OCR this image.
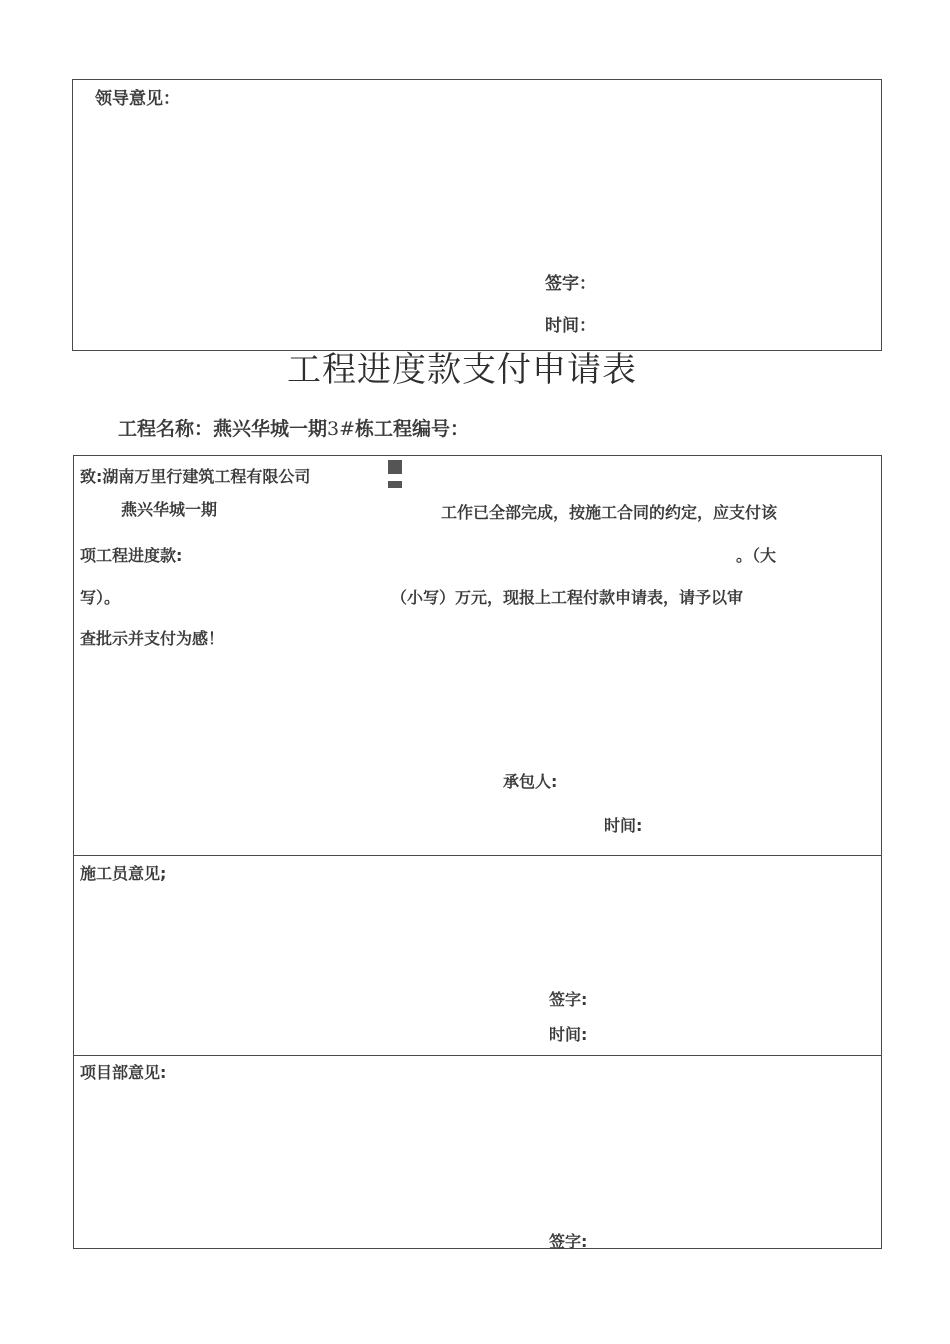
领导意见：
签字：
时间：
工程进度款支付申请表
工程名称：燕兴华城一期3#栋工程编号：
致:湖南万里行建筑工程有限公司
燕兴华城一期	工作已全部完成，按施工合同的约定，应支付该
项工程进度款:	。（大
写）。	（小写）万元，现报上工程付款申请表，请予以审
查批示并支付为感！
承包人:
时间:
施工员意见;
签字:
时间:
项目部意见:
签字:
